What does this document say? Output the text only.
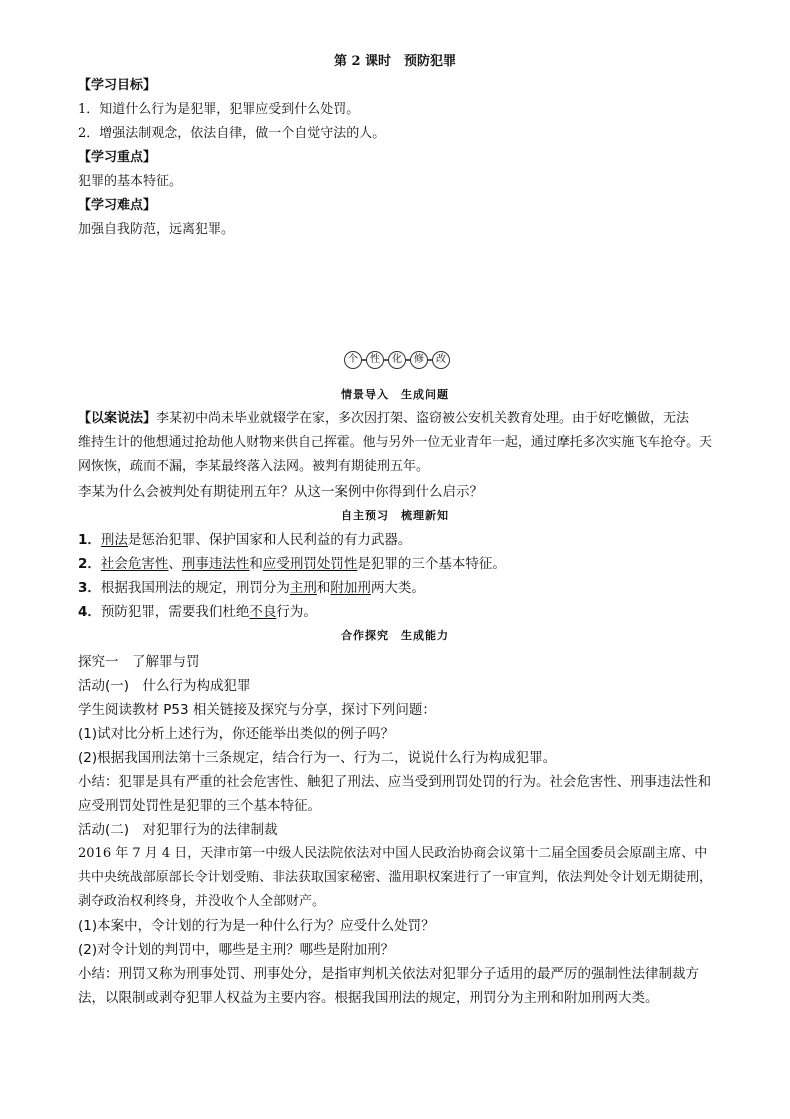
第 2 课时　预防犯罪
【学习目标】
1．知道什么行为是犯罪，犯罪应受到什么处罚。
2．增强法制观念，依法自律，做一个自觉守法的人。
【学习重点】
犯罪的基本特征。
【学习难点】
加强自我防范，远离犯罪。
个	性	化	修	改
情景导入　生成问题
【以案说法】李某初中尚未毕业就辍学在家，多次因打架、盗窃被公安机关教育处理。由于好吃懒做，无法
维持生计的他想通过抢劫他人财物来供自己挥霍。他与另外一位无业青年一起，通过摩托多次实施飞车抢夺。天
网恢恢，疏而不漏，李某最终落入法网。被判有期徒刑五年。
李某为什么会被判处有期徒刑五年？从这一案例中你得到什么启示？
自主预习　梳理新知
1．刑法是惩治犯罪、保护国家和人民利益的有力武器。
2．社会危害性、刑事违法性和应受刑罚处罚性是犯罪的三个基本特征。
3．根据我国刑法的规定，刑罚分为主刑和附加刑两大类。
4．预防犯罪，需要我们杜绝不良行为。
合作探究　生成能力
探究一　了解罪与罚
活动(一)　什么行为构成犯罪
学生阅读教材 P53 相关链接及探究与分享，探讨下列问题：
(1)试对比分析上述行为，你还能举出类似的例子吗？
(2)根据我国刑法第十三条规定，结合行为一、行为二，说说什么行为构成犯罪。
小结：犯罪是具有严重的社会危害性、触犯了刑法、应当受到刑罚处罚的行为。社会危害性、刑事违法性和
应受刑罚处罚性是犯罪的三个基本特征。
活动(二)　对犯罪行为的法律制裁
2016 年 7 月 4 日，天津市第一中级人民法院依法对中国人民政治协商会议第十二届全国委员会原副主席、中
共中央统战部原部长令计划受贿、非法获取国家秘密、滥用职权案进行了一审宣判，依法判处令计划无期徒刑，
剥夺政治权利终身，并没收个人全部财产。
(1)本案中，令计划的行为是一种什么行为？应受什么处罚？
(2)对令计划的判罚中，哪些是主刑？哪些是附加刑？
小结：刑罚又称为刑事处罚、刑事处分，是指审判机关依法对犯罪分子适用的最严厉的强制性法律制裁方
法，以限制或剥夺犯罪人权益为主要内容。根据我国刑法的规定，刑罚分为主刑和附加刑两大类。
